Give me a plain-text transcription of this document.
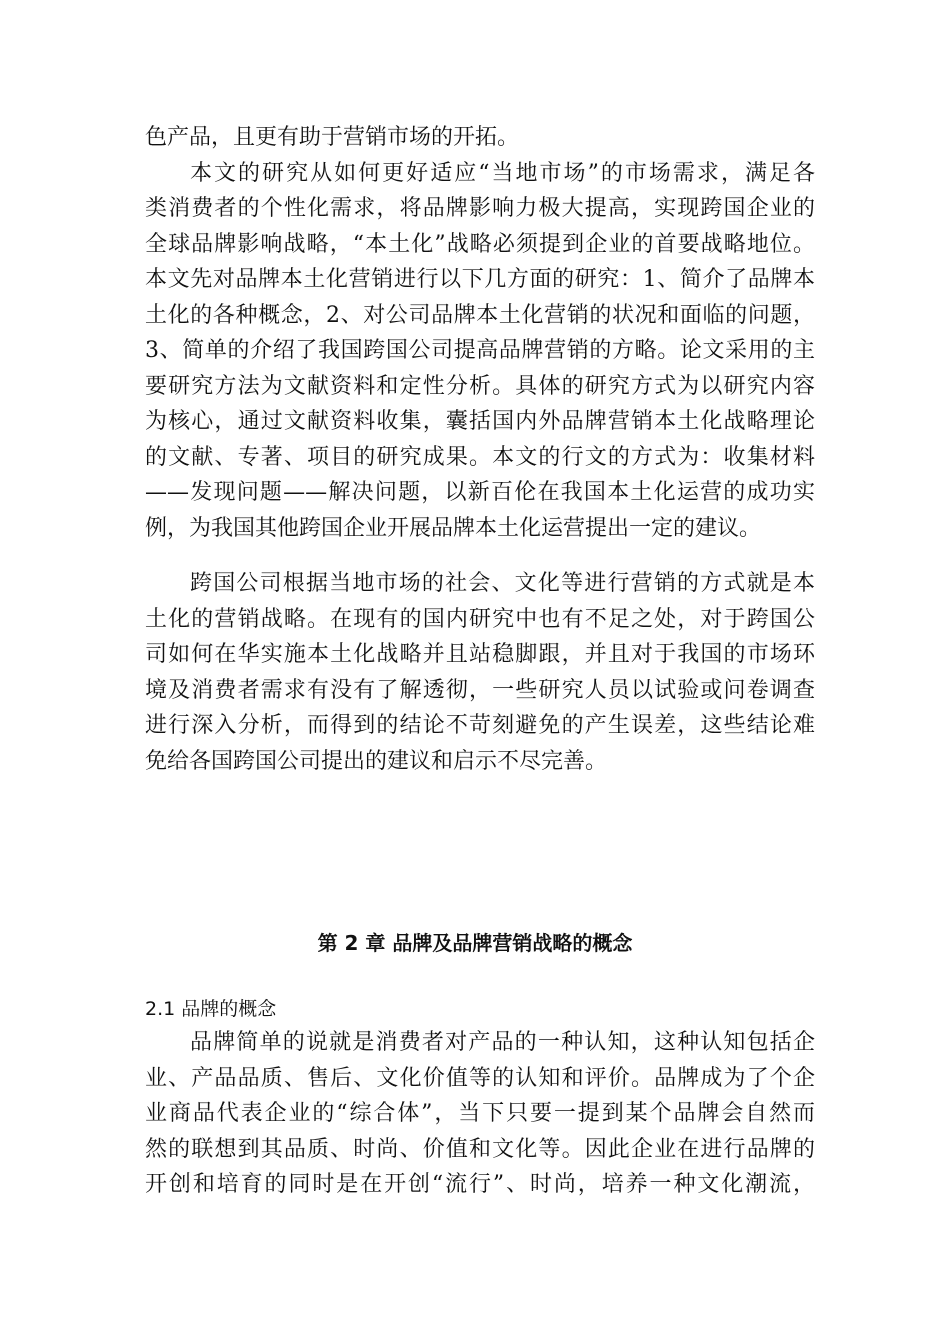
色产品，且更有助于营销市场的开拓。
本文的研究从如何更好适应“当地市场”的市场需求，满足各
类消费者的个性化需求，将品牌影响力极大提高，实现跨国企业的
全球品牌影响战略，“本土化”战略必须提到企业的首要战略地位。
本文先对品牌本土化营销进行以下几方面的研究：1、简介了品牌本
土化的各种概念，2、对公司品牌本土化营销的状况和面临的问题，
3、简单的介绍了我国跨国公司提高品牌营销的方略。论文采用的主
要研究方法为文献资料和定性分析。具体的研究方式为以研究内容
为核心，通过文献资料收集，囊括国内外品牌营销本土化战略理论
的文献、专著、项目的研究成果。本文的行文的方式为：收集材料
——发现问题——解决问题，以新百伦在我国本土化运营的成功实
例，为我国其他跨国企业开展品牌本土化运营提出一定的建议。
跨国公司根据当地市场的社会、文化等进行营销的方式就是本
土化的营销战略。在现有的国内研究中也有不足之处，对于跨国公
司如何在华实施本土化战略并且站稳脚跟，并且对于我国的市场环
境及消费者需求有没有了解透彻，一些研究人员以试验或问卷调查
进行深入分析，而得到的结论不苛刻避免的产生误差，这些结论难
免给各国跨国公司提出的建议和启示不尽完善。
第 2 章 品牌及品牌营销战略的概念
2.1 品牌的概念
品牌简单的说就是消费者对产品的一种认知，这种认知包括企
业、产品品质、售后、文化价值等的认知和评价。品牌成为了个企
业商品代表企业的“综合体”，当下只要一提到某个品牌会自然而
然的联想到其品质、时尚、价值和文化等。因此企业在进行品牌的
开创和培育的同时是在开创“流行”、时尚，培养一种文化潮流，
